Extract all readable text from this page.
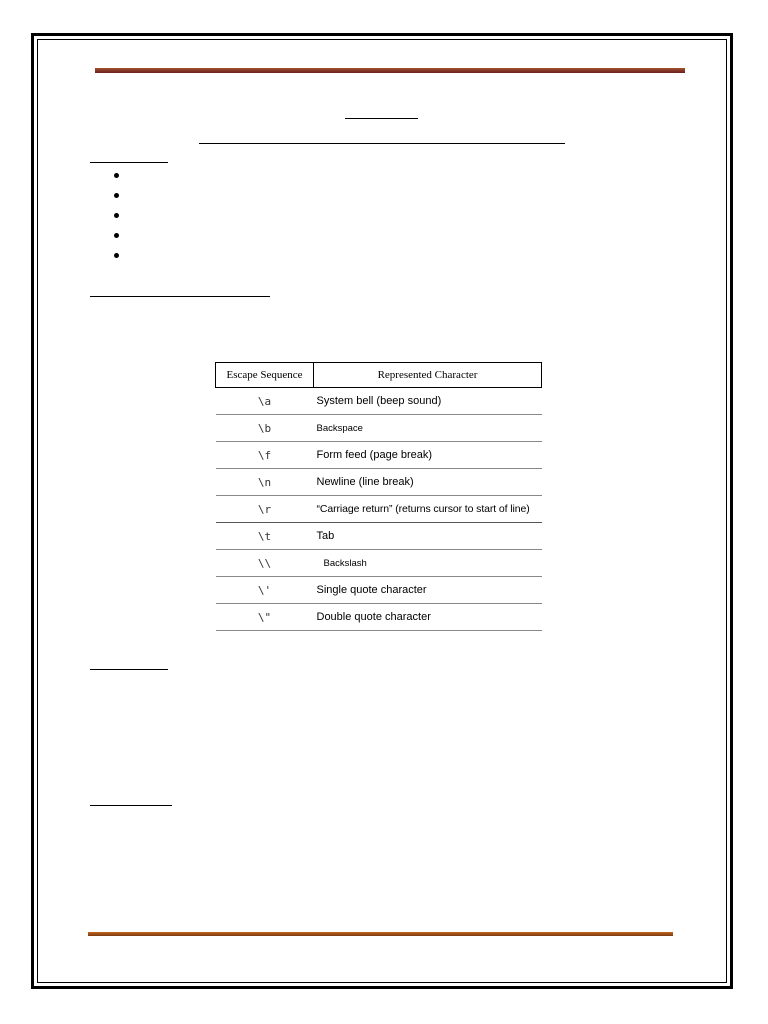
Escape Sequence	Represented Character
\a	System bell (beep sound)
\b	Backspace
\f	Form feed (page break)
\n	Newline (line break)
\r	“Carriage return” (returns cursor to start of line)
\t	Tab
\\	Backslash
\'	Single quote character
\"	Double quote character
